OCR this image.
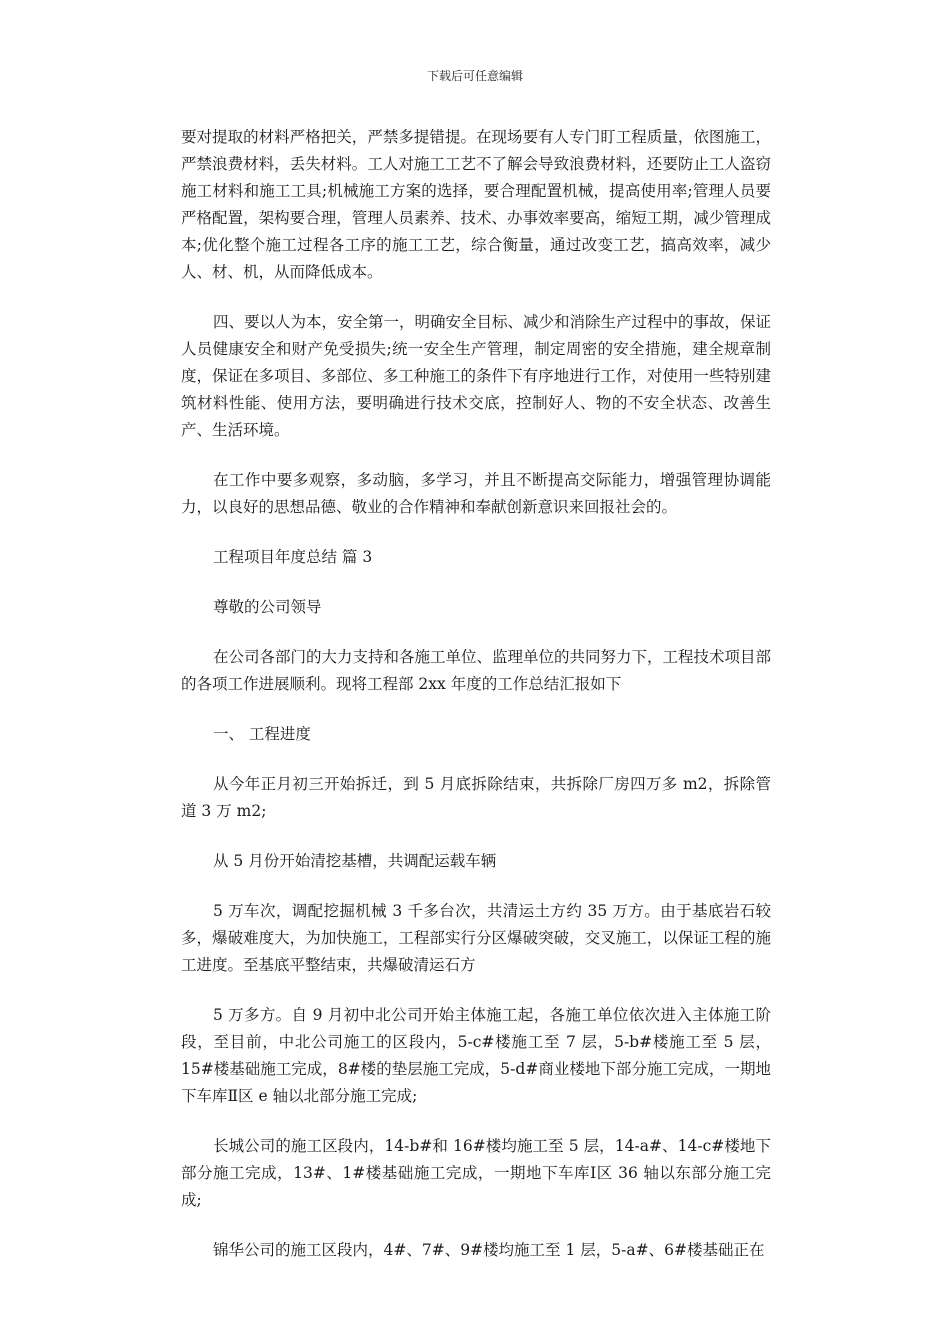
下载后可任意编辑

要对提取的材料严格把关，严禁多提错提。在现场要有人专门盯工程质量，依图施工，严禁浪费材料，丢失材料。工人对施工工艺不了解会导致浪费材料，还要防止工人盗窃施工材料和施工工具;机械施工方案的选择，要合理配置机械，提高使用率;管理人员要严格配置，架构要合理，管理人员素养、技术、办事效率要高，缩短工期，减少管理成本;优化整个施工过程各工序的施工工艺，综合衡量，通过改变工艺，搞高效率，减少人、材、机，从而降低成本。

四、要以人为本，安全第一，明确安全目标、减少和消除生产过程中的事故，保证人员健康安全和财产免受损失;统一安全生产管理，制定周密的安全措施，建全规章制度，保证在多项目、多部位、多工种施工的条件下有序地进行工作，对使用一些特别建筑材料性能、使用方法，要明确进行技术交底，控制好人、物的不安全状态、改善生产、生活环境。

在工作中要多观察，多动脑，多学习，并且不断提高交际能力，增强管理协调能力，以良好的思想品德、敬业的合作精神和奉献创新意识来回报社会的。

工程项目年度总结 篇 3

尊敬的公司领导

在公司各部门的大力支持和各施工单位、监理单位的共同努力下，工程技术项目部的各项工作进展顺利。现将工程部 2xx 年度的工作总结汇报如下

一、 工程进度

从今年正月初三开始拆迁，到 5 月底拆除结束，共拆除厂房四万多 m2，拆除管道 3 万 m2;

从 5 月份开始清挖基槽，共调配运载车辆

5 万车次，调配挖掘机械 3 千多台次，共清运土方约 35 万方。由于基底岩石较多，爆破难度大，为加快施工，工程部实行分区爆破突破，交叉施工，以保证工程的施工进度。至基底平整结束，共爆破清运石方

5 万多方。自 9 月初中北公司开始主体施工起，各施工单位依次进入主体施工阶段，至目前，中北公司施工的区段内，5-c#楼施工至 7 层，5-b#楼施工至 5 层，15#楼基础施工完成，8#楼的垫层施工完成，5-d#商业楼地下部分施工完成，一期地下车库Ⅱ区 e 轴以北部分施工完成;

长城公司的施工区段内，14-b#和 16#楼均施工至 5 层，14-a#、14-c#楼地下部分施工完成，13#、1#楼基础施工完成，一期地下车库Ⅰ区 36 轴以东部分施工完成;

锦华公司的施工区段内，4#、7#、9#楼均施工至 1 层，5-a#、6#楼基础正在
